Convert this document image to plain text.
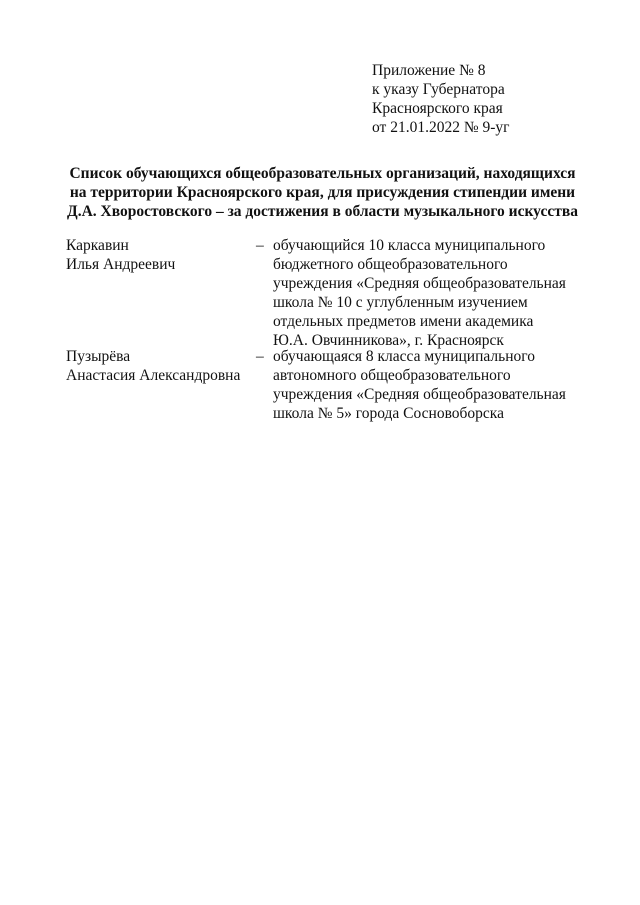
Приложение № 8
к указу Губернатора
Красноярского края
от 21.01.2022 № 9-уг
Список обучающихся общеобразовательных организаций, находящихся
на территории Красноярского края, для присуждения стипендии имени
Д.А. Хворостовского – за достижения в области музыкального искусства
Каркавин
Илья Андреевич
– обучающийся 10 класса муниципального
бюджетного общеобразовательного
учреждения «Средняя общеобразовательная
школа № 10 с углубленным изучением
отдельных предметов имени академика
Ю.А. Овчинникова», г. Красноярск
Пузырёва
Анастасия Александровна
– обучающаяся 8 класса муниципального
автономного общеобразовательного
учреждения «Средняя общеобразовательная
школа № 5» города Сосновоборска
